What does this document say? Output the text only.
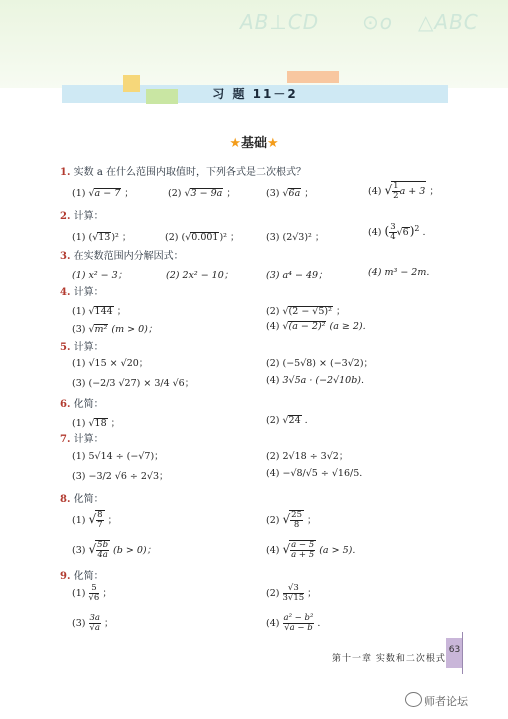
AB⊥CD ⊙o △ABC
习 题 11－2
★基础★
1. 实数 a 在什么范围内取值时，下列各式是二次根式？
(1) √a − 7 ；	(2) √3 − 9a ；	(3) √6a ；	(4) √ $\frac{1}{2}$ a + 3 ；
2. 计算：
(1) (√13)² ；	(2) (√0.001)² ；	(3) (2√3)² ；	(4) ( $\frac{3}{4} √6)^2$ .
3. 在实数范围内分解因式：
(1) x² − 3；	(2) 2x² − 10；	(3) a⁴ − 49；	(4) m³ − 2m.
4. 计算：
(1) √144 ；	(2) √(2 − √5)² ；
(3) √m² (m > 0)；	(4) √(a − 2)² (a ≥ 2).
5. 计算：
(1) √15 × √20；	(2) (−5√8) × (−3√2)；
(3) (−2/3 √27) × 3/4 √6；	(4) 3√5a · (−2√10b).
6. 化简：
(1) √18 ；	(2) √24 .
7. 计算：
(1) 5√14 ÷ (−√7)；	(2) 2√18 ÷ 3√2；
(3) −3/2 √6 ÷ 2√3；	(4) −√8/√5 ÷ √16/5.
8. 化简：
(1) √ $\frac{8}{7}$ ；	(2) √ $\frac{25}{8}$ ；
(3) √ $\frac{5b}{4a} (b > 0)$；	(4) √ $\frac{a - 5}{a + 5} (a > 5)$.
9. 化简：
$(1) \frac{5}{√6}$ ；	$(2) \frac{√3}{3√15}$ ；
$(3) \frac{3a}{√a}$ ；	$(4) \frac{\text{a² − b²}}{√a - b}$ .
第十一章 实数和二次根式
63
师者论坛
